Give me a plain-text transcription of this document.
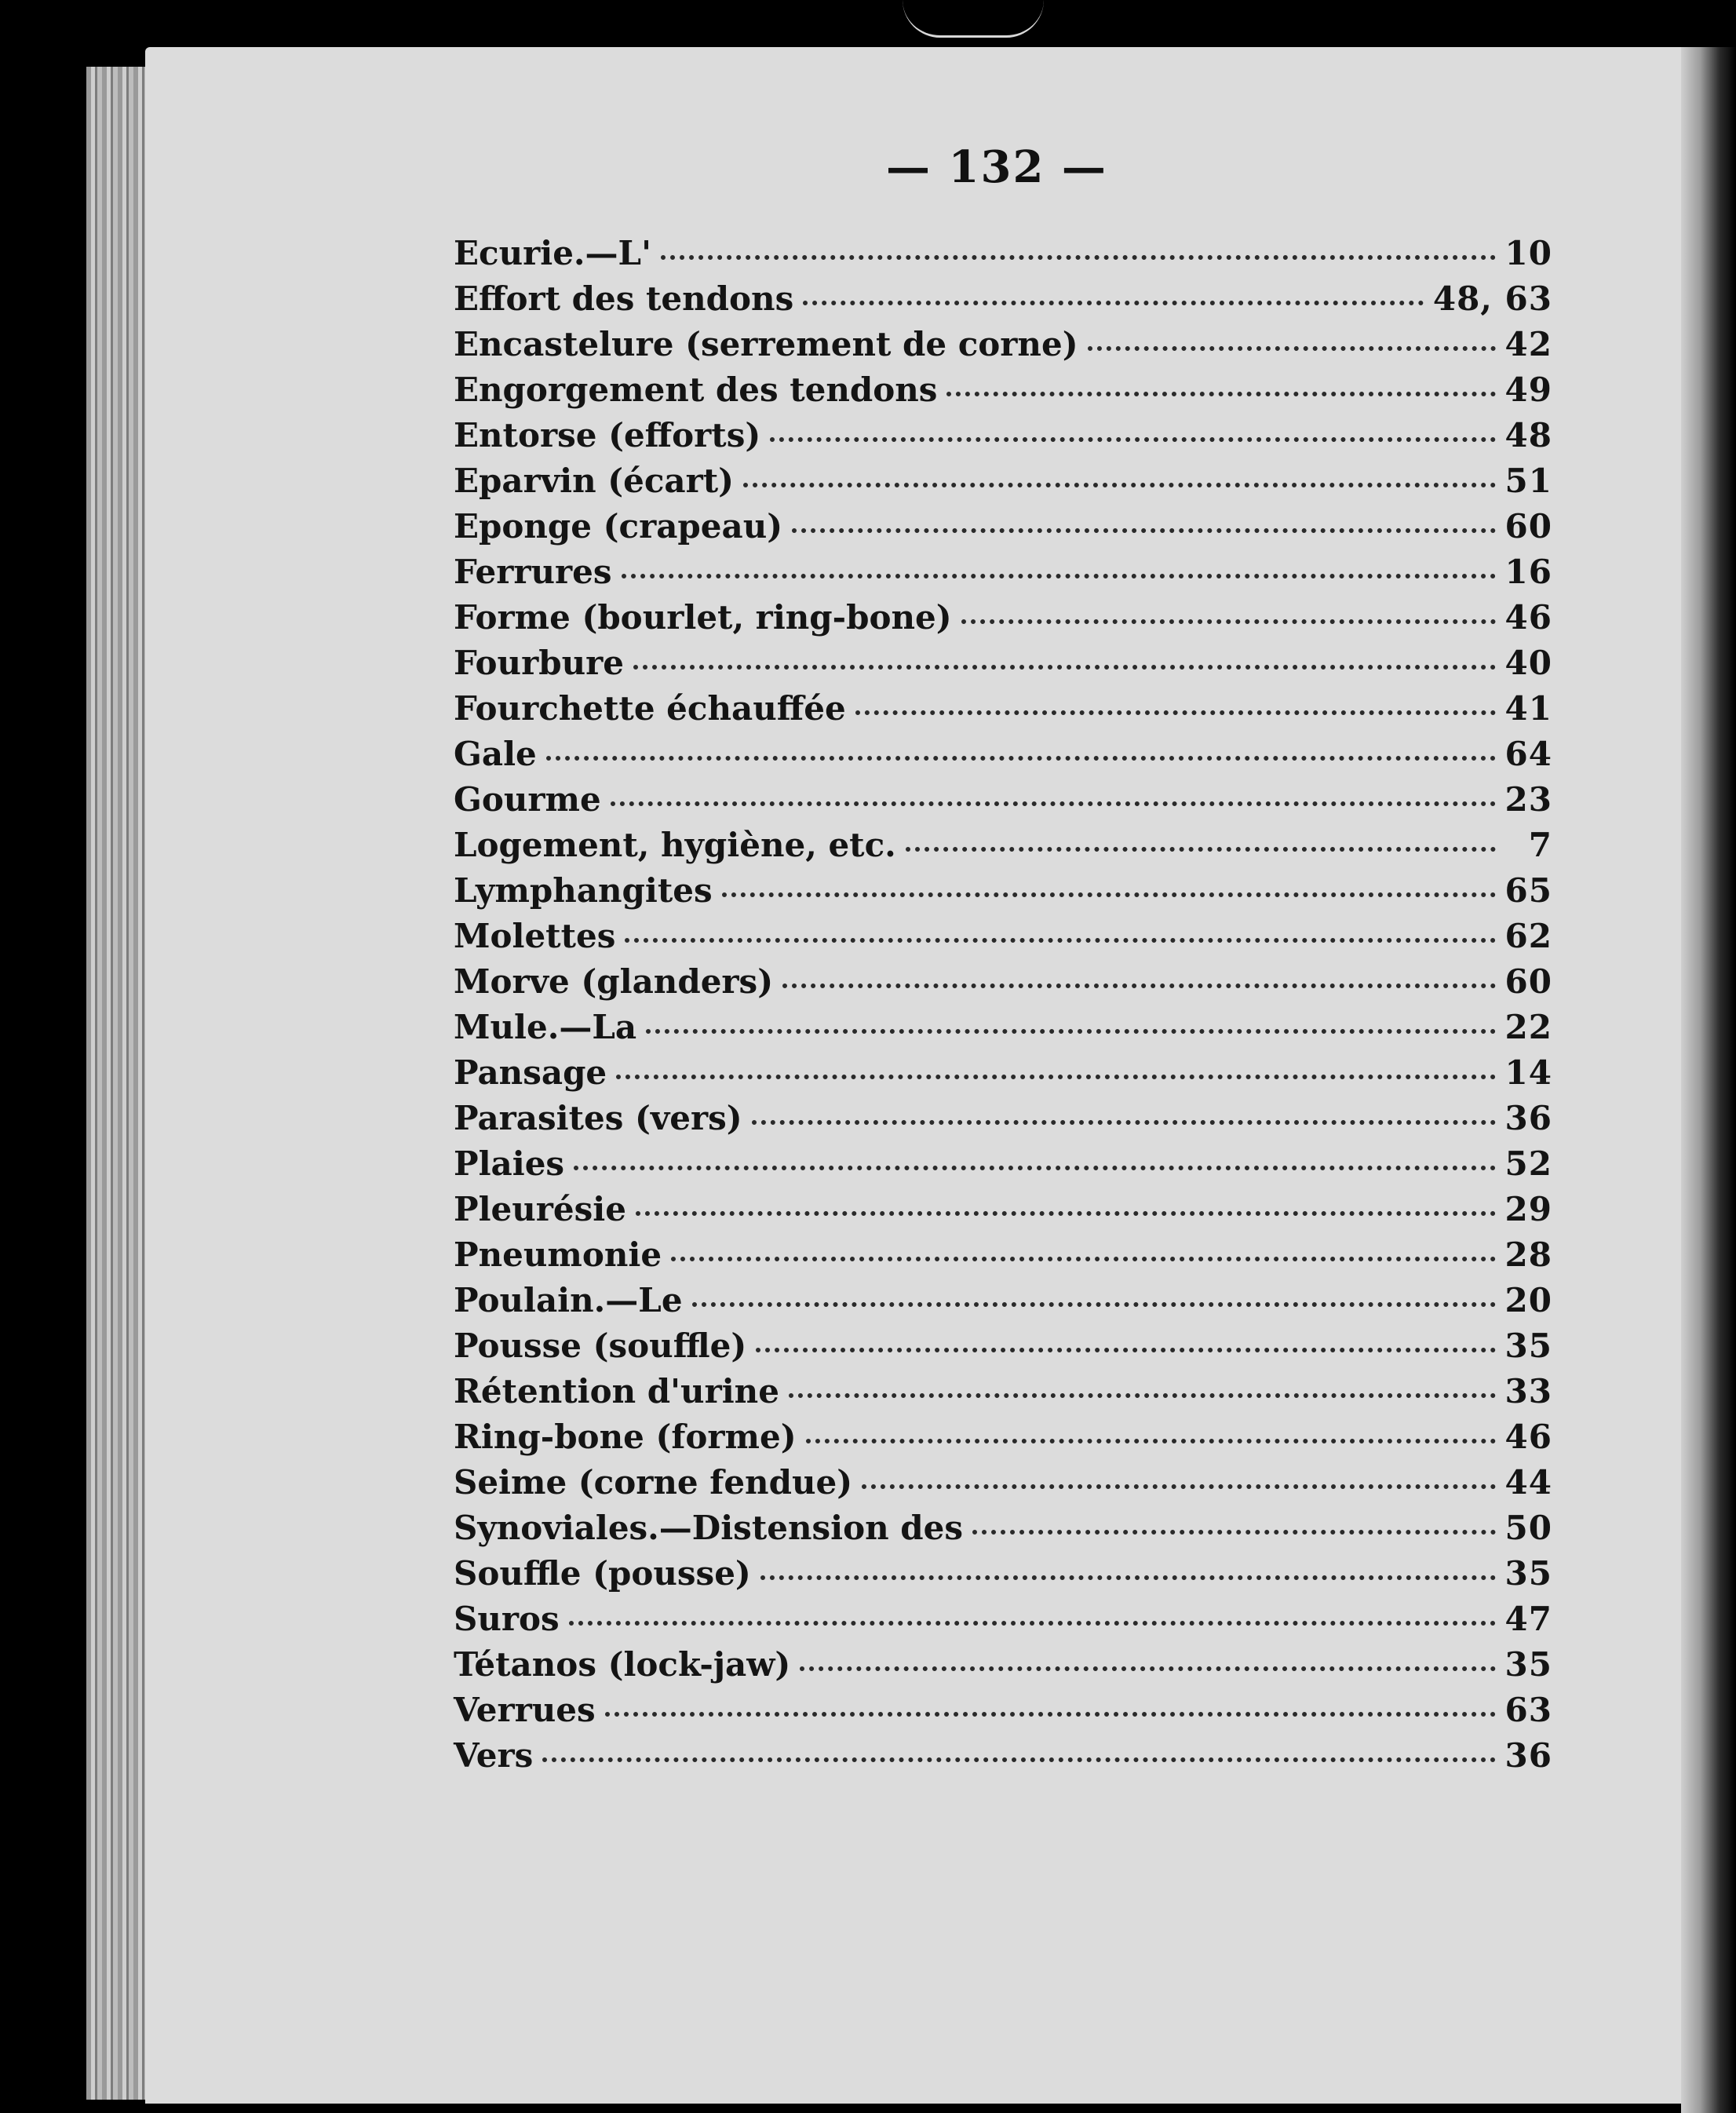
— 132 —
Ecurie.—L'	10
Effort des tendons	48, 63
Encastelure (serrement de corne)	42
Engorgement des tendons	49
Entorse (efforts)	48
Eparvin (écart)	51
Eponge (crapeau)	60
Ferrures	16
Forme (bourlet, ring-bone)	46
Fourbure	40
Fourchette échauffée	41
Gale	64
Gourme	23
Logement, hygiène, etc.	7
Lymphangites	65
Molettes	62
Morve (glanders)	60
Mule.—La	22
Pansage	14
Parasites (vers)	36
Plaies	52
Pleurésie	29
Pneumonie	28
Poulain.—Le	20
Pousse (souffle)	35
Rétention d'urine	33
Ring-bone (forme)	46
Seime (corne fendue)	44
Synoviales.—Distension des	50
Souffle (pousse)	35
Suros	47
Tétanos (lock-jaw)	35
Verrues	63
Vers	36
